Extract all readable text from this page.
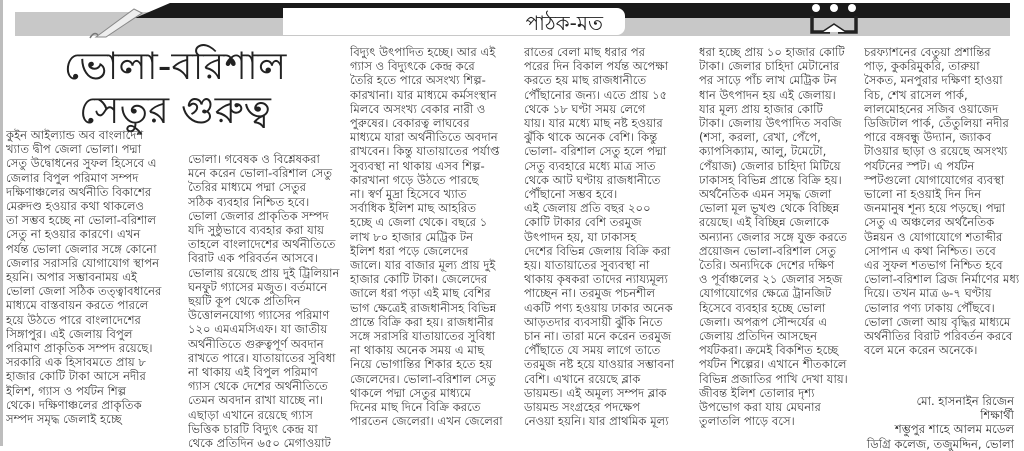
পাঠক-মত
ভোলা-বরিশাল
সেতুর গুরুত্ব
কুইন আইল্যান্ড অব বাংলাদেশ
খ্যাত দ্বীপ জেলা ভোলা। পদ্মা
সেতু উদ্বোধনের সুফল হিসেবে এ
জেলার বিপুল পরিমাণ সম্পদ
দক্ষিণাঞ্চলের অর্থনীতি বিকাশের
মেরুদণ্ড হওয়ার কথা থাকলেও
তা সম্ভব হচ্ছে না ভোলা-বরিশাল
সেতু না হওয়ার কারণে। এখন
পর্যন্ত ভোলা জেলার সঙ্গে কোনো
জেলার সরাসরি যোগাযোগ স্থাপন
হয়নি। অপার সম্ভাবনাময় এই
ভোলা জেলা সঠিক তত্ত্বাবধানের
মাধ্যমে বাস্তবায়ন করতে পারলে
হয়ে উঠতে পারে বাংলাদেশের
সিঙ্গাপুর। এই জেলায় বিপুল
পরিমাণ প্রাকৃতিক সম্পদ রয়েছে।
সরকারি এক হিসাবমতে প্রায় ৮
হাজার কোটি টাকা আসে নদীর
ইলিশ, গ্যাস ও পর্যটন শিল্প
থেকে। দক্ষিণাঞ্চলের প্রাকৃতিক
সম্পদ সমৃদ্ধ জেলাই হচ্ছে
ভোলা। গবেষক ও বিশ্লেষকরা
মনে করেন ভোলা-বরিশাল সেতু
তৈরির মাধ্যমে পদ্মা সেতুর
সঠিক ব্যবহার নিশ্চিত হবে।
ভোলা জেলার প্রাকৃতিক সম্পদ
যদি সুষ্ঠুভাবে ব্যবহার করা যায়
তাহলে বাংলাদেশের অর্থনীতিতে
বিরাট এক পরিবর্তন আসবে।
ভোলায় রয়েছে প্রায় দুই ট্রিলিয়ান
ঘনফুট গ্যাসের মজুত। বর্তমানে
ছয়টি কূপ থেকে প্রতিদিন
উত্তোলনযোগ্য গ্যাসের পরিমাণ
১২০ এমএমসিএফ। যা জাতীয়
অর্থনীতিতে গুরুত্বপূর্ণ অবদান
রাখতে পারে। যাতায়াতের সুবিধা
না থাকায় এই বিপুল পরিমাণ
গ্যাস থেকে দেশের অর্থনীতিতে
তেমন অবদান রাখা যাচ্ছে না।
এছাড়া এখানে রয়েছে গ্যাস
ভিত্তিক চারটি বিদ্যুৎ কেন্দ্র যা
থেকে প্রতিদিন ৬৫০ মেগাওয়াট
বিদ্যুৎ উৎপাদিত হচ্ছে। আর এই
গ্যাস ও বিদ্যুৎকে কেন্দ্র করে
তৈরি হতে পারে অসংখ্য শিল্প-
কারখানা। যার মাধ্যমে কর্মসংস্থান
মিলবে অসংখ্য বেকার নারী ও
পুরুষের। বেকারত্ব লাঘবের
মাধ্যমে যারা অর্থনীতিতে অবদান
রাখবেন। কিন্তু যাতায়াতের পর্যাপ্ত
সুব্যবস্থা না থাকায় এসব শিল্প-
কারখানা গড়ে উঠতে পারছে
না। স্বর্ণ মুদ্রা হিসেবে খ্যাত
সর্বাধিক ইলিশ মাছ আহরিত
হচ্ছে এ জেলা থেকে। বছরে ১
লাখ ৮০ হাজার মেট্রিক টন
ইলিশ ধরা পড়ে জেলেদের
জালে। যার বাজার মূল্য প্রায় দুই
হাজার কোটি টাকা। জেলেদের
জালে ধরা পড়া এই মাছ বেশির
ভাগ ক্ষেত্রেই রাজধানীসহ বিভিন্ন
প্রান্তে বিক্রি করা হয়। রাজধানীর
সঙ্গে সরাসরি যাতায়াতের সুবিধা
না থাকায় অনেক সময় এ মাছ
নিয়ে ভোগান্তির শিকার হতে হয়
জেলেদের। ভোলা-বরিশাল সেতু
থাকলে পদ্মা সেতুর মাধ্যমে
দিনের মাছ দিনে বিক্রি করতে
পারতেন জেলেরা। এখন জেলেরা
রাতের বেলা মাছ ধরার পর
পরের দিন বিকাল পর্যন্ত অপেক্ষা
করতে হয় মাছ রাজধানীতে
পৌঁছানোর জন্য। এতে প্রায় ১৫
থেকে ১৮ ঘণ্টা সময় লেগে
যায়। যার মধ্যে মাছ নষ্ট হওয়ার
ঝুঁকি থাকে অনেক বেশি। কিন্তু
ভোলা- বরিশাল সেতু হলে পদ্মা
সেতু ব্যবহারে মধ্যে মাত্র সাত
থেকে আট ঘণ্টায় রাজধানীতে
পৌঁছানো সম্ভব হবে।
এই জেলায় প্রতি বছর ২০০
কোটি টাকার বেশি তরমুজ
উৎপাদন হয়, যা ঢাকাসহ
দেশের বিভিন্ন জেলায় বিক্রি করা
হয়। যাতায়াতের সুব্যবস্থা না
থাকায় কৃষকরা তাদের ন্যায্যমূল্য
পাচ্ছেন না। তরমুজ পচনশীল
একটি পণ্য হওয়ায় ঢাকার অনেক
আড়তদার ব্যবসায়ী ঝুঁকি নিতে
চান না। তারা মনে করেন তরমুজ
পৌঁছাতে যে সময় লাগে তাতে
তরমুজ নষ্ট হয়ে যাওয়ার সম্ভাবনা
বেশি। এখানে রয়েছে ব্লাক
ডায়মন্ড। এই অমূল্য সম্পদ ব্লাক
ডায়মন্ড সংগ্রহের পদক্ষেপ
নেওয়া হয়নি। যার প্রাথমিক মূল্য
ধরা হচ্ছে প্রায় ১০ হাজার কোটি
টাকা। জেলার চাহিদা মেটানোর
পর সাড়ে পাঁচ লাখ মেট্রিক টন
ধান উৎপাদন হয় এই জেলায়।
যার মূল্য প্রায় হাজার কোটি
টাকা। জেলায় উৎপাদিত সবজি
(শসা, করলা, রেখা, পেঁপে,
ক্যাপসিক্যাম, আলু, টমেটো,
পেঁয়াজ) জেলার চাহিদা মিটিয়ে
ঢাকাসহ বিভিন্ন প্রান্তে বিক্রি হয়।
অর্থনৈতিক এমন সমৃদ্ধ জেলা
ভোলা মূল ভূখণ্ড থেকে বিচ্ছিন্ন
রয়েছে। এই বিচ্ছিন্ন জেলাকে
অন্যান্য জেলার সঙ্গে যুক্ত করতে
প্রয়োজন ভোলা-বরিশাল সেতু
তৈরি। অন্যদিকে দেশের দক্ষিণ
ও পূর্বাঞ্চলের ২১ জেলার সহজ
যোগাযোগের ক্ষেত্রে ট্রানজিট
হিসেবে ব্যবহার হচ্ছে ভোলা
জেলা। অপরূপ সৌন্দর্যের এ
জেলায় প্রতিদিন আসছেন
পর্যটকরা। ক্রমেই বিকশিত হচ্ছে
পর্যটন শিল্পের। এখানে শীতকালে
বিভিন্ন প্রজাতির পাখি দেখা যায়।
জীবন্ত ইলিশ তোলার দৃশ্য
উপভোগ করা যায় মেঘনার
তুলাতলি পাড়ে বসে।
চরফ্যাশনের বেতুয়া প্রশান্তির
পাড়, কুকরিমুকরি, তারুয়া
সৈকত, মনপুরার দক্ষিণা হাওয়া
বিচ, শেখ রাসেল পার্ক,
লালমোহনের সজিব ওয়াজেদ
ডিজিটাল পার্ক, তেঁতুলিয়া নদীর
পারে বঙ্গবন্ধু উদ্যান, জ্যাকব
টাওয়ার ছাড়া ও রয়েছে অসংখ্য
পর্যটনের স্পট। এ পর্যটন
স্পটগুলো যোগাযোগের ব্যবস্থা
ভালো না হওয়াই দিন দিন
জনমানুষ শূন্য হয়ে পড়ছে। পদ্মা
সেতু এ অঞ্চলের অর্থনৈতিক
উন্নয়ন ও যোগাযোগে শতাব্দীর
সোপান এ কথা নিশ্চিত। তবে
এর সুফল শতভাগ নিশ্চিত হবে
ভোলা-বরিশাল ব্রিজ নির্মাণের মধ্য
দিয়ে। তখন মাত্র ৬-৭ ঘণ্টায়
ভোলার পণ্য ঢাকায় পৌঁছবে।
ভোলা জেলা আয় বৃদ্ধির মাধ্যমে
অর্থনীতির বিরাট পরিবর্তন করবে
বলে মনে করেন অনেকে।
মো. হাসনাইন রিজেন
শিক্ষার্থী
শম্ভুপুর শাহে আলম মডেল
ডিগ্রি কলেজ, তজুমদ্দিন, ভোলা
